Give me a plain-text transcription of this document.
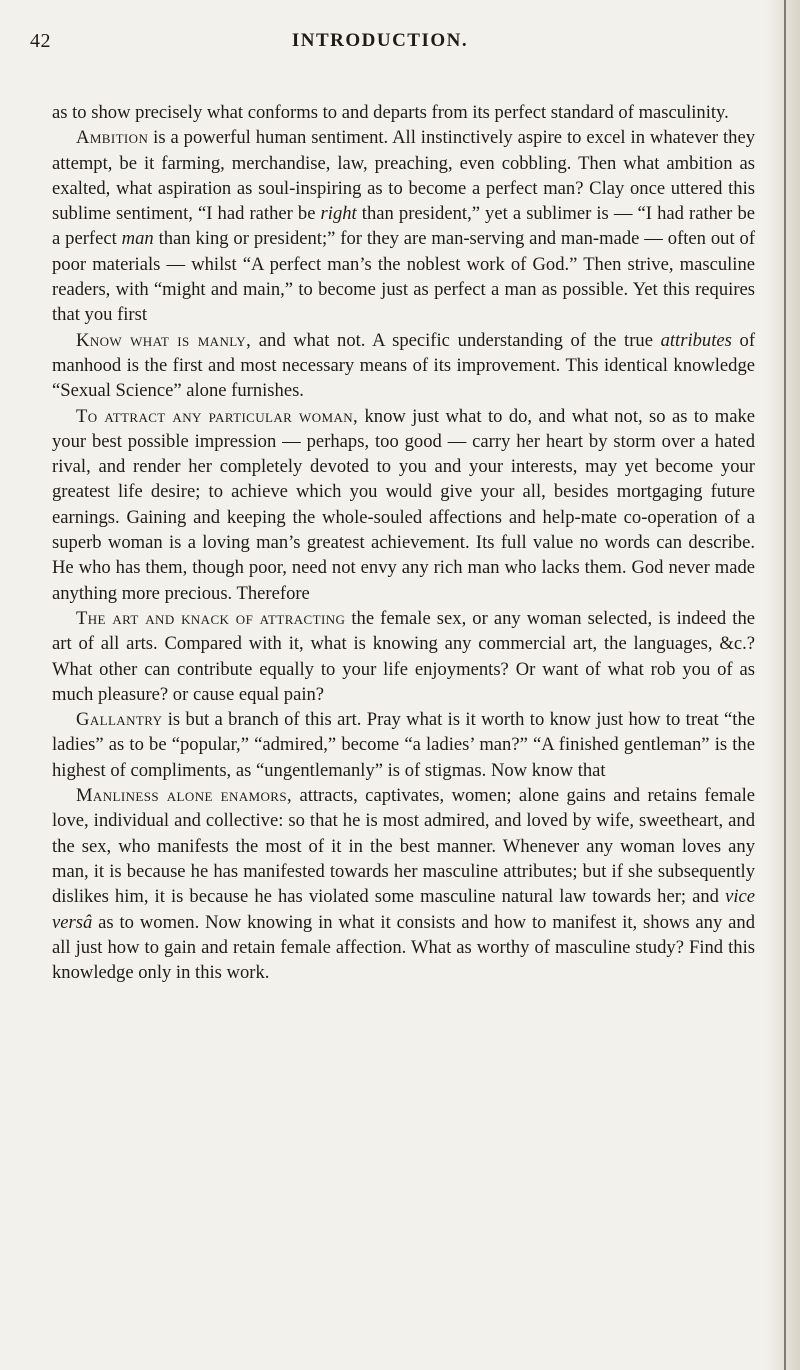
42	INTRODUCTION.

as to show precisely what conforms to and departs from its perfect standard of masculinity.

Ambition is a powerful human sentiment. All instinctively aspire to excel in whatever they attempt, be it farming, merchandise, law, preaching, even cobbling. Then what ambition as exalted, what aspiration as soul-inspiring as to become a perfect man? Clay once uttered this sublime sentiment, “I had rather be right than president,” yet a sublimer is — “I had rather be a perfect man than king or president;” for they are man-serving and man-made — often out of poor materials — whilst “A perfect man’s the noblest work of God.” Then strive, masculine readers, with “might and main,” to become just as perfect a man as possible. Yet this requires that you first

Know what is manly, and what not. A specific understanding of the true attributes of manhood is the first and most necessary means of its improvement. This identical knowledge “Sexual Science” alone furnishes.

To attract any particular woman, know just what to do, and what not, so as to make your best possible impression — perhaps, too good — carry her heart by storm over a hated rival, and render her completely devoted to you and your interests, may yet become your greatest life desire; to achieve which you would give your all, besides mortgaging future earnings. Gaining and keeping the whole-souled affections and help-mate co-operation of a superb woman is a loving man’s greatest achievement. Its full value no words can describe. He who has them, though poor, need not envy any rich man who lacks them. God never made anything more precious. Therefore

The art and knack of attracting the female sex, or any woman selected, is indeed the art of all arts. Compared with it, what is knowing any commercial art, the languages, &c.? What other can contribute equally to your life enjoyments? Or want of what rob you of as much pleasure? or cause equal pain?

Gallantry is but a branch of this art. Pray what is it worth to know just how to treat “the ladies” as to be “popular,” “admired,” become “a ladies’ man?” “A finished gentleman” is the highest of compliments, as “ungentlemanly” is of stigmas. Now know that

Manliness alone enamors, attracts, captivates, women; alone gains and retains female love, individual and collective: so that he is most admired, and loved by wife, sweetheart, and the sex, who manifests the most of it in the best manner. Whenever any woman loves any man, it is because he has manifested towards her masculine attributes; but if she subsequently dislikes him, it is because he has violated some masculine natural law towards her; and vice versâ as to women. Now knowing in what it consists and how to manifest it, shows any and all just how to gain and retain female affection. What as worthy of masculine study? Find this knowledge only in this work.
